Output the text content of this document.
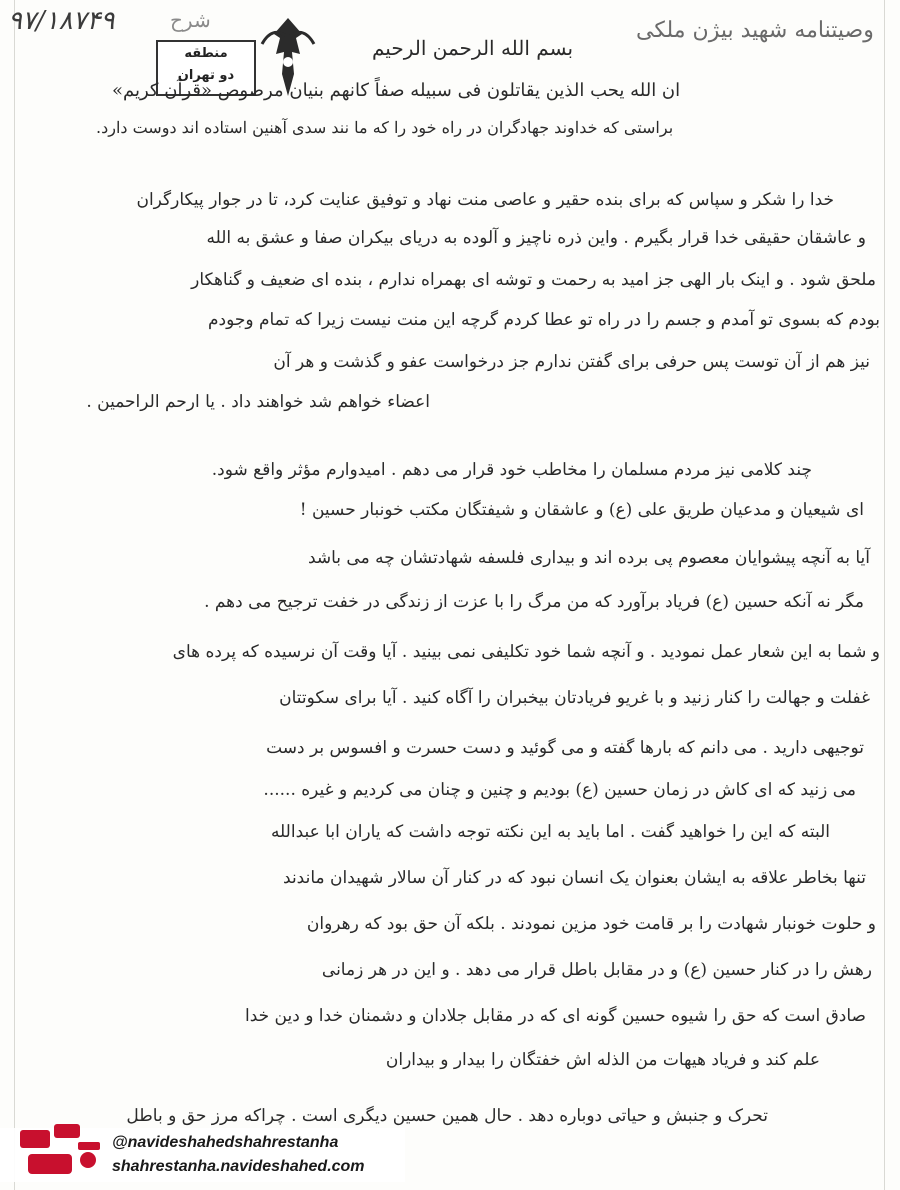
۹۷/۱۸۷۴۹	شرح	وصیتنامه شهید بیژن ملکی
بسم الله الرحمن الرحیم
منطقه
دو تهران
ان الله یحب الذین یقاتلون فی سبیله صفاً کانهم بنیان مرصوص «قرآن کریم»
براستی که خداوند جهادگران در راه خود را که ما نند سدی آهنین استاده اند دوست دارد.
خدا را شکر و سپاس که برای بنده حقیر و عاصی منت نهاد و توفیق عنایت کرد، تا در جوار پیکارگران
و عاشقان حقیقی خدا قرار بگیرم . واین ذره ناچیز و آلوده به دریای بیکران صفا و عشق به الله
ملحق شود . و اینک بار الهی جز امید به رحمت و توشه ای بهمراه ندارم ، بنده ای ضعیف و گناهکار
بودم که بسوی تو آمدم و جسم را در راه تو عطا کردم گرچه این منت نیست زیرا که تمام وجودم
نیز هم از آن توست پس حرفی برای گفتن ندارم جز درخواست عفو و گذشت و هر آن
اعضاء خواهم شد خواهند داد . یا ارحم الراحمین .
چند کلامی نیز مردم مسلمان را مخاطب خود قرار می دهم . امیدوارم مؤثر واقع شود.
ای شیعیان و مدعیان طریق علی (ع) و عاشقان و شیفتگان مکتب خونبار حسین !
آیا به آنچه پیشوایان معصوم پی برده اند و بیداری فلسفه شهادتشان چه می باشد
مگر نه آنکه حسین (ع) فریاد برآورد که من مرگ را با عزت از زندگی در خفت ترجیح می دهم .
و شما به این شعار عمل نمودید . و آنچه شما خود تکلیفی نمی بینید . آیا وقت آن نرسیده که پرده های
غفلت و جهالت را کنار زنید و با غریو فریادتان بیخبران را آگاه کنید . آیا برای سکوتتان
توجیهی دارید . می دانم که بارها گفته و می گوئید و دست حسرت و افسوس بر دست
می زنید که ای کاش در زمان حسین (ع) بودیم و چنین و چنان می کردیم و غیره ......
البته که این را خواهید گفت . اما باید به این نکته توجه داشت که یاران ابا عبدالله
تنها بخاطر علاقه به ایشان بعنوان یک انسان نبود که در کنار آن سالار شهیدان ماندند
و حلوت خونبار شهادت را بر قامت خود مزین نمودند . بلکه آن حق بود که رهروان
رهش را در کنار حسین (ع) و در مقابل باطل قرار می دهد . و این در هر زمانی
صادق است که حق را شیوه حسین گونه ای که در مقابل جلادان و دشمنان خدا و دین خدا
علم کند و فریاد هیهات من الذله اش خفتگان را بیدار و بیداران
تحرک و جنبش و حیاتی دوباره دهد . حال همین حسین دیگری است . چراکه مرز حق و باطل
@navideshahedshahrestanha
shahrestanha.navideshahed.com
